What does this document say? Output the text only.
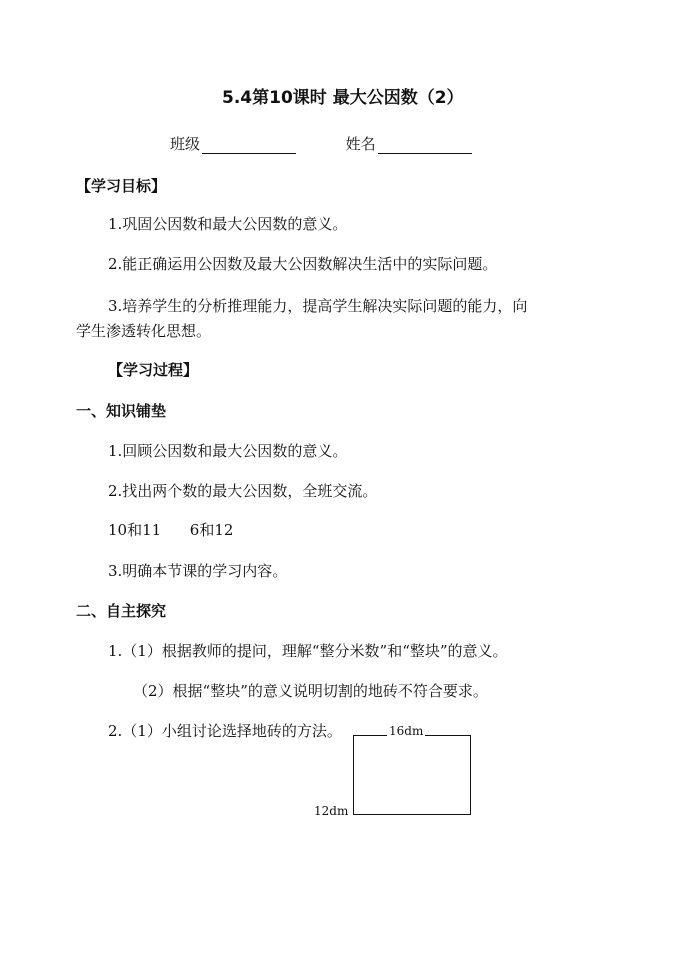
5.4第10课时 最大公因数（2）
班级	姓名
【学习目标】
1.巩固公因数和最大公因数的意义。
2.能正确运用公因数及最大公因数解决生活中的实际问题。
3.培养学生的分析推理能力，提高学生解决实际问题的能力，向
学生渗透转化思想。
【学习过程】
一、知识铺垫
1.回顾公因数和最大公因数的意义。
2.找出两个数的最大公因数，全班交流。
10和11      6和12
3.明确本节课的学习内容。
二、自主探究
1.（1）根据教师的提问，理解“整分米数”和“整块”的意义。
（2）根据“整块”的意义说明切割的地砖不符合要求。
2.（1）小组讨论选择地砖的方法。	16dm
12dm
